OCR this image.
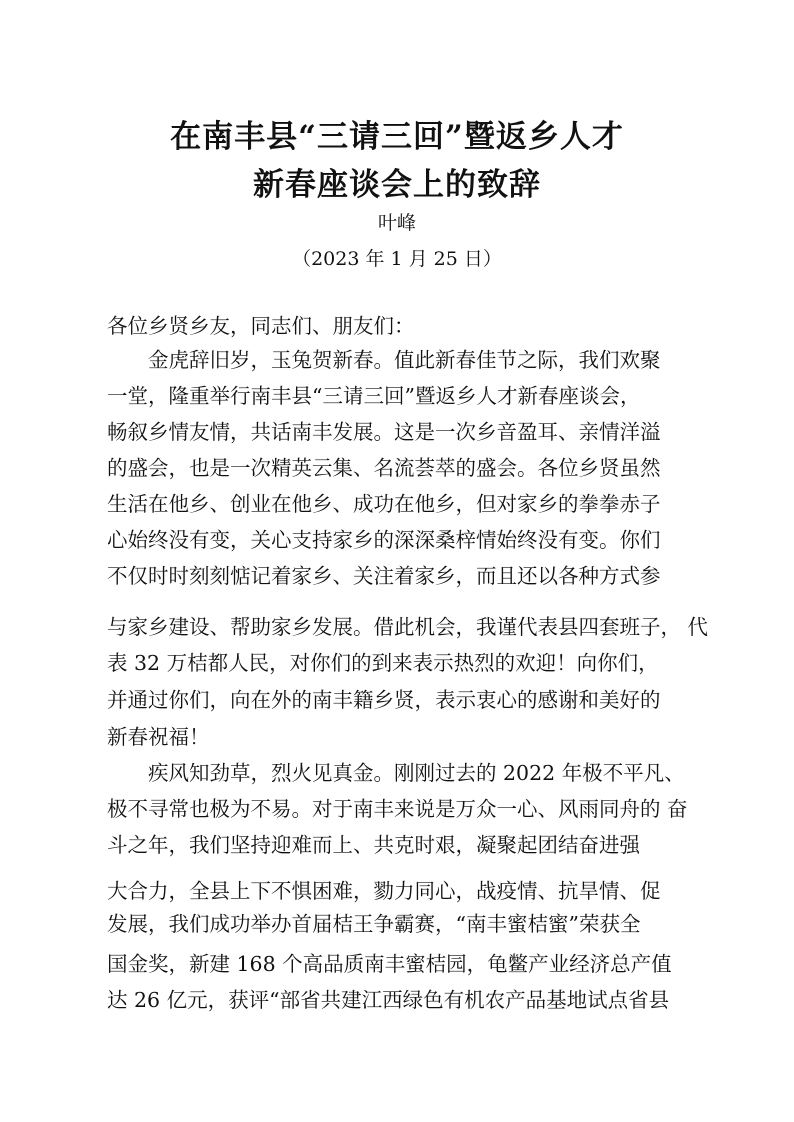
在南丰县“三请三回”暨返乡人才
新春座谈会上的致辞
叶峰
（2023 年 1 月 25 日）
各位乡贤乡友，同志们、朋友们：
金虎辞旧岁，玉兔贺新春。值此新春佳节之际，我们欢聚
一堂，隆重举行南丰县“三请三回”暨返乡人才新春座谈会，
畅叙乡情友情，共话南丰发展。这是一次乡音盈耳、亲情洋溢
的盛会，也是一次精英云集、名流荟萃的盛会。各位乡贤虽然
生活在他乡、创业在他乡、成功在他乡，但对家乡的拳拳赤子
心始终没有变，关心支持家乡的深深桑梓情始终没有变。你们
不仅时时刻刻惦记着家乡、关注着家乡，而且还以各种方式参
与家乡建设、帮助家乡发展。借此机会，我谨代表县四套班子， 代
表 32 万桔都人民，对你们的到来表示热烈的欢迎！向你们，
并通过你们，向在外的南丰籍乡贤，表示衷心的感谢和美好的
新春祝福！
疾风知劲草，烈火见真金。刚刚过去的 2022 年极不平凡、
极不寻常也极为不易。对于南丰来说是万众一心、风雨同舟的 奋
斗之年，我们坚持迎难而上、共克时艰，凝聚起团结奋进强
大合力，全县上下不惧困难，勠力同心，战疫情、抗旱情、促
发展，我们成功举办首届桔王争霸赛，“南丰蜜桔蜜”荣获全
国金奖，新建 168 个高品质南丰蜜桔园，龟鳖产业经济总产值
达 26 亿元，获评“部省共建江西绿色有机农产品基地试点省县
